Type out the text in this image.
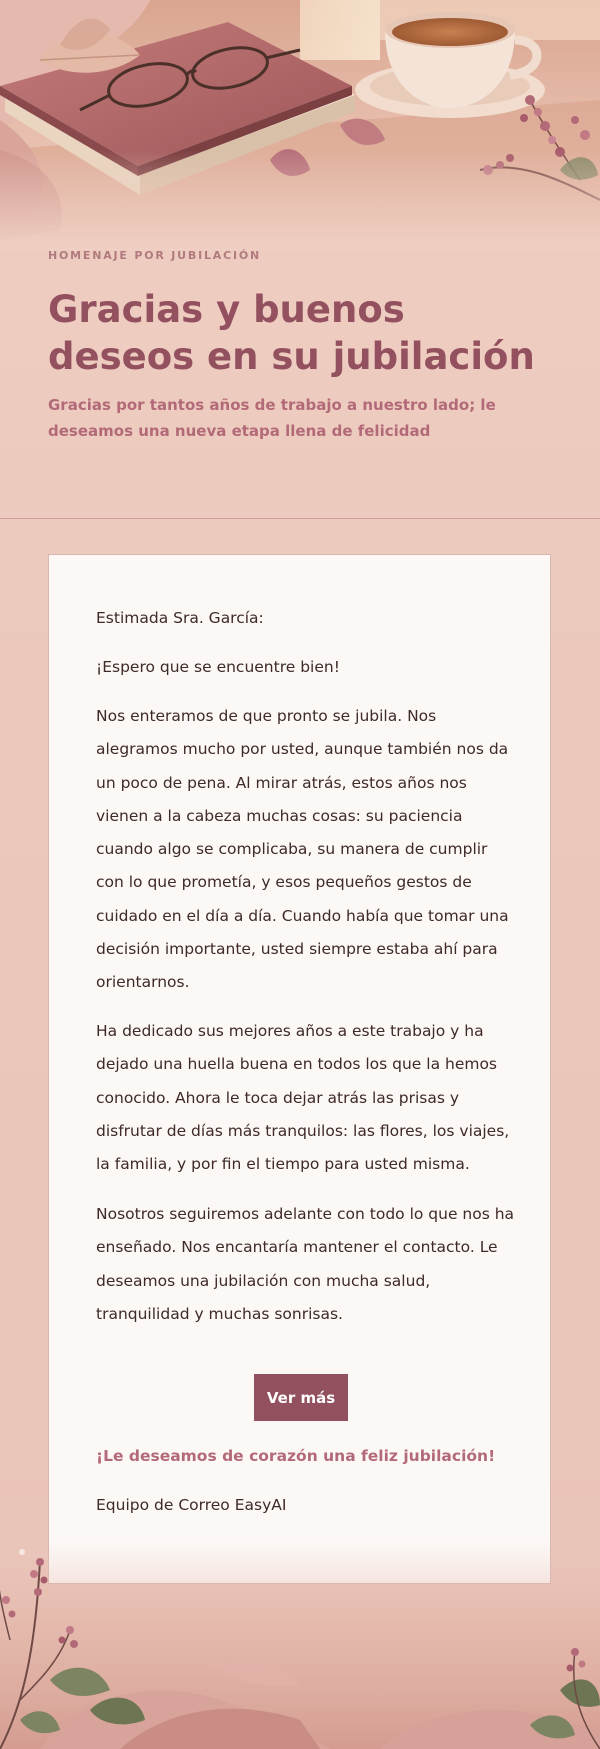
HOMENAJE POR JUBILACIÓN
Gracias y buenos deseos en su jubilación

Gracias por tantos años de trabajo a nuestro lado; le deseamos una nueva etapa llena de felicidad

Estimada Sra. García:

¡Espero que se encuentre bien!

Nos enteramos de que pronto se jubila. Nos alegramos mucho por usted, aunque también nos da un poco de pena. Al mirar atrás, estos años nos vienen a la cabeza muchas cosas: su paciencia cuando algo se complicaba, su manera de cumplir con lo que prometía, y esos pequeños gestos de cuidado en el día a día. Cuando había que tomar una decisión importante, usted siempre estaba ahí para orientarnos.

Ha dedicado sus mejores años a este trabajo y ha dejado una huella buena en todos los que la hemos conocido. Ahora le toca dejar atrás las prisas y disfrutar de días más tranquilos: las flores, los viajes, la familia, y por fin el tiempo para usted misma.

Nosotros seguiremos adelante con todo lo que nos ha enseñado. Nos encantaría mantener el contacto. Le deseamos una jubilación con mucha salud, tranquilidad y muchas sonrisas.

Ver más

¡Le deseamos de corazón una feliz jubilación!

Equipo de Correo EasyAI
